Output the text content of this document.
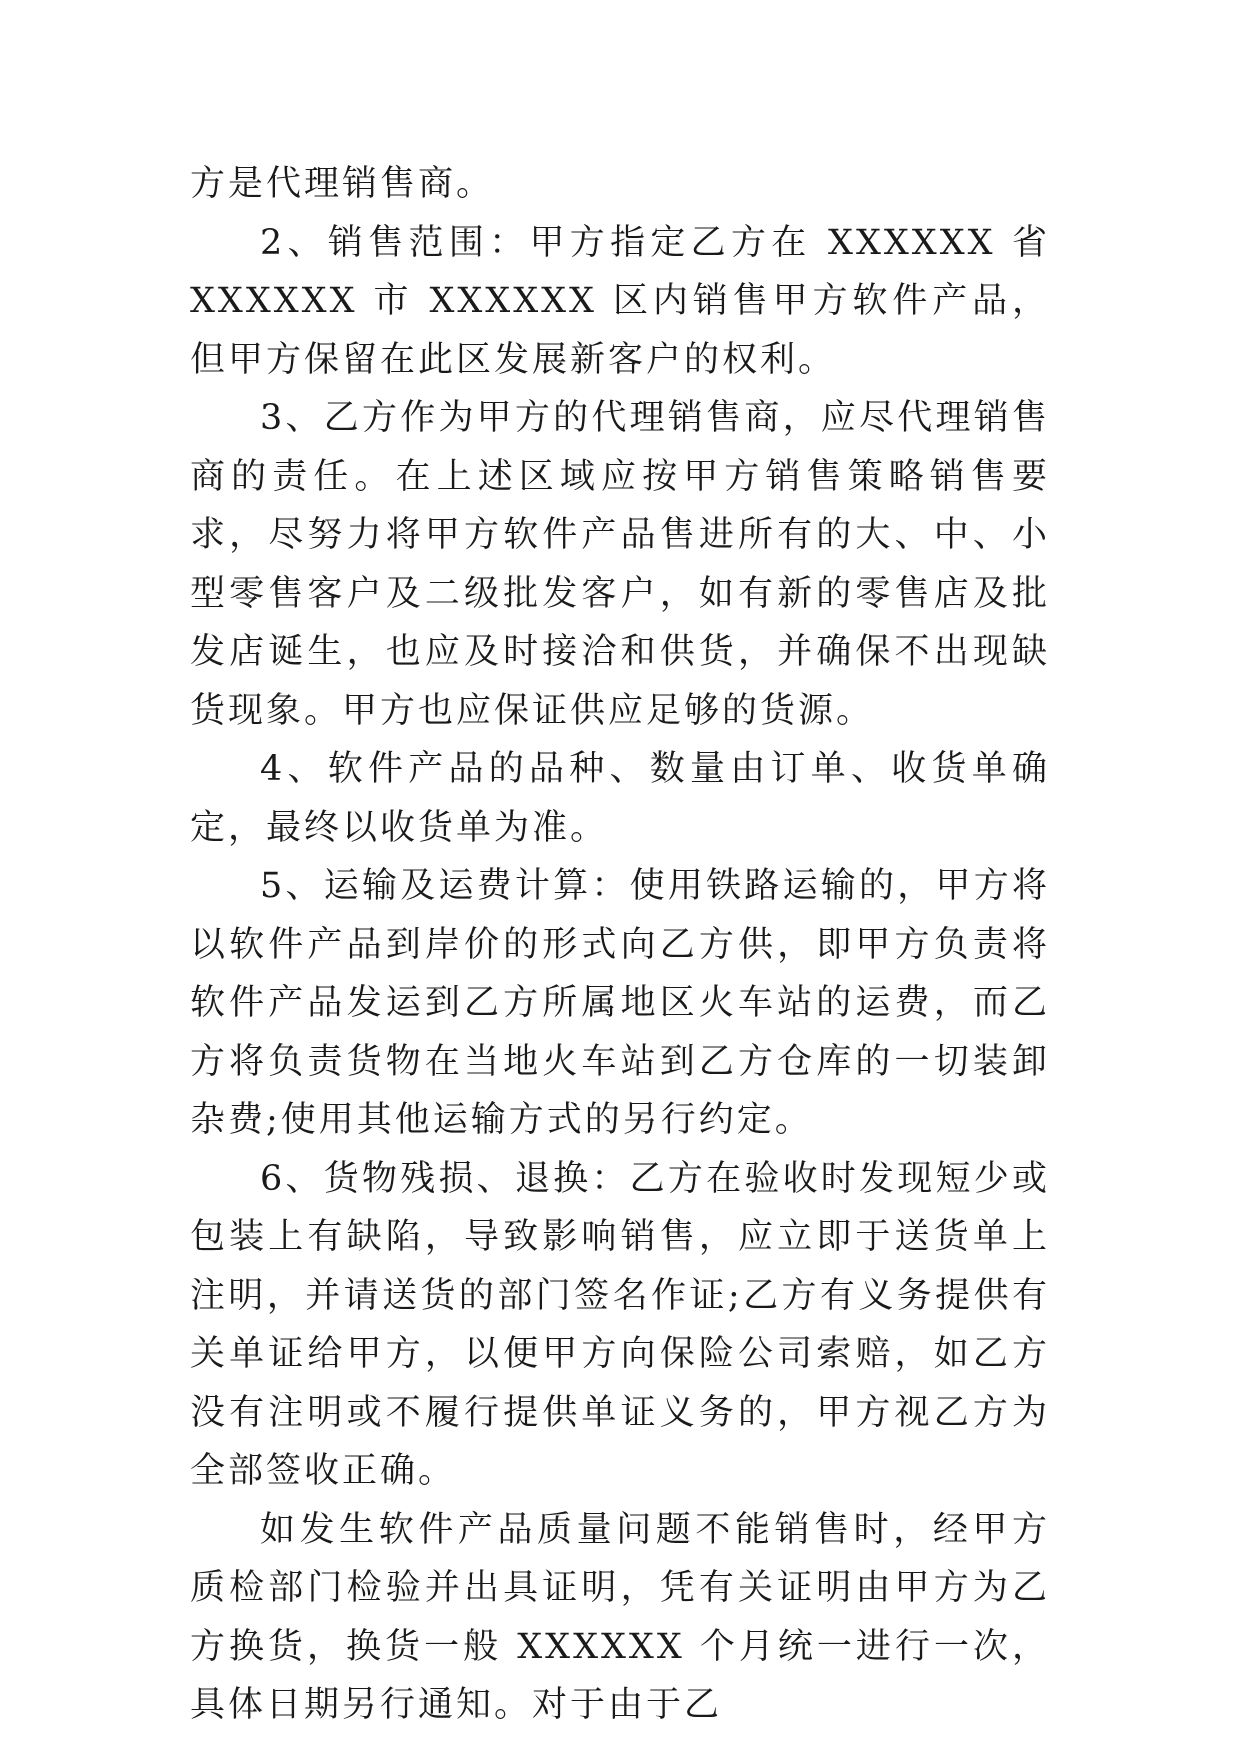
方是代理销售商。

2、销售范围：甲方指定乙方在 XXXXXX 省 XXXXXX 市 XXXXXX 区内销售甲方软件产品，但甲方保留在此区发展新客户的权利。

3、乙方作为甲方的代理销售商，应尽代理销售商的责任。在上述区域应按甲方销售策略销售要求，尽努力将甲方软件产品售进所有的大、中、小型零售客户及二级批发客户，如有新的零售店及批发店诞生，也应及时接洽和供货，并确保不出现缺货现象。甲方也应保证供应足够的货源。

4、软件产品的品种、数量由订单、收货单确定，最终以收货单为准。

5、运输及运费计算：使用铁路运输的，甲方将以软件产品到岸价的形式向乙方供，即甲方负责将软件产品发运到乙方所属地区火车站的运费，而乙方将负责货物在当地火车站到乙方仓库的一切装卸杂费;使用其他运输方式的另行约定。

6、货物残损、退换：乙方在验收时发现短少或包装上有缺陷，导致影响销售，应立即于送货单上注明，并请送货的部门签名作证;乙方有义务提供有关单证给甲方，以便甲方向保险公司索赔，如乙方没有注明或不履行提供单证义务的，甲方视乙方为全部签收正确。

如发生软件产品质量问题不能销售时，经甲方质检部门检验并出具证明，凭有关证明由甲方为乙方换货，换货一般 XXXXXX 个月统一进行一次，具体日期另行通知。对于由于乙
